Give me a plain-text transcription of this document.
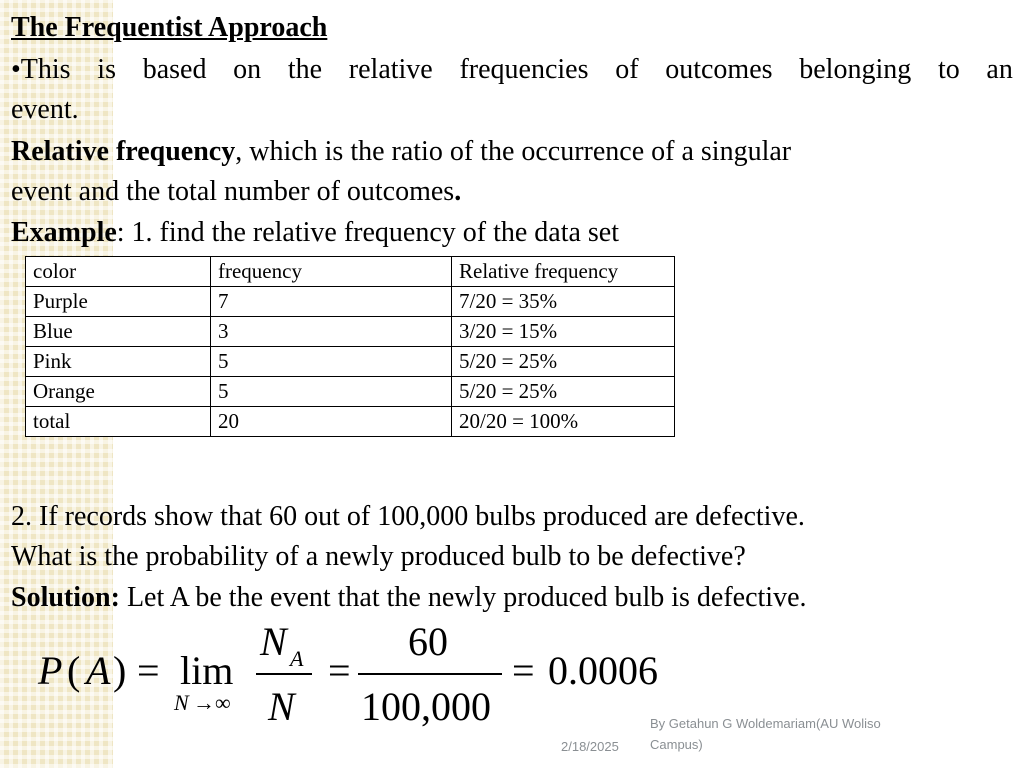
The Frequentist Approach
•This is based on the relative frequencies of outcomes belonging to an
event.
Relative frequency, which is the ratio of the occurrence of a singular
event and the total number of outcomes.
Example: 1. find the relative frequency of the data set
color	frequency	Relative frequency
Purple	7	7/20 = 35%
Blue	3	3/20 = 15%
Pink	5	5/20 = 25%
Orange	5	5/20 = 25%
total	20	20/20 = 100%
2. If records show that 60 out of 100,000 bulbs produced are defective.
What is the probability of a newly produced bulb to be defective?
Solution: Let A be the event that the newly produced bulb is defective.
P ( A ) = lim
N →∞
N A
N
=
60
100,000
= 0.0006
2/18/2025
By Getahun G Woldemariam(AU Woliso
Campus)
